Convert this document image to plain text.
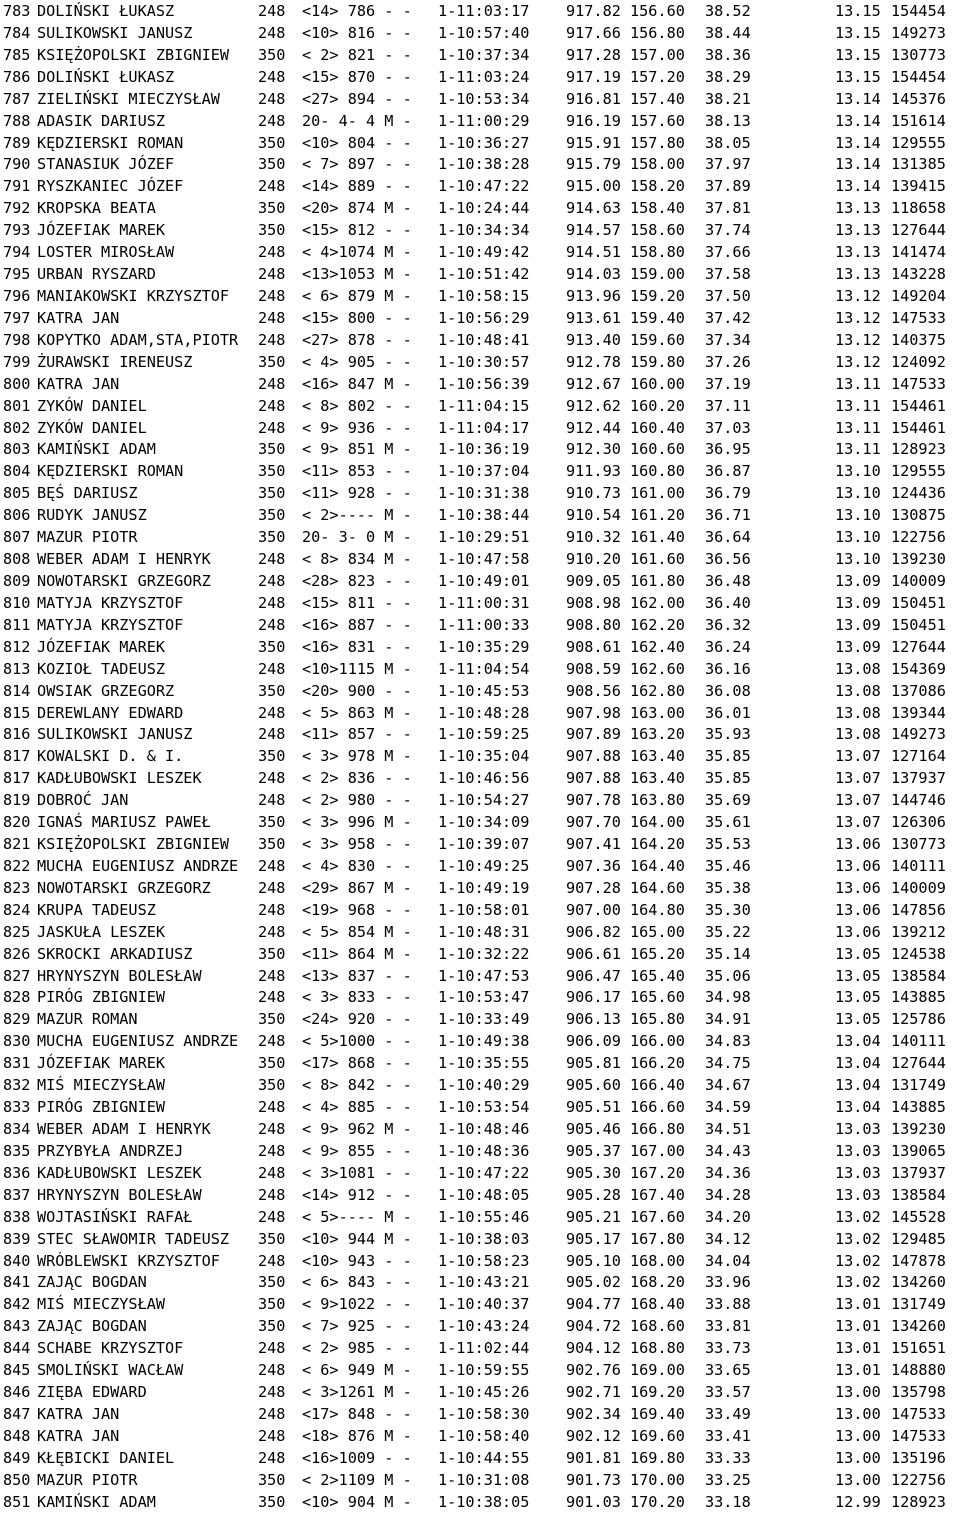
783 DOLIŃSKI ŁUKASZ	248 <14> 786 - - 1-11:03:17 917.82 156.60 38.52	13.15 154454
784 SULIKOWSKI JANUSZ	248 <10> 816 - - 1-10:57:40 917.66 156.80 38.44	13.15 149273
785 KSIĘŻOPOLSKI ZBIGNIEW 350 < 2> 821 - - 1-10:37:34 917.28 157.00 38.36	13.15 130773
786 DOLIŃSKI ŁUKASZ	248 <15> 870 - - 1-11:03:24 917.19 157.20 38.29	13.15 154454
787 ZIELIŃSKI MIECZYSŁAW	248 <27> 894 - - 1-10:53:34 916.81 157.40 38.21	13.14 145376
788 ADASIK DARIUSZ	248 20- 4- 4 M - 1-11:00:29 916.19 157.60 38.13	13.14 151614
789 KĘDZIERSKI ROMAN	350 <10> 804 - - 1-10:36:27 915.91 157.80 38.05	13.14 129555
790 STANASIUK JÓZEF	350 < 7> 897 - - 1-10:38:28 915.79 158.00 37.97	13.14 131385
791 RYSZKANIEC JÓZEF	248 <14> 889 - - 1-10:47:22 915.00 158.20 37.89	13.14 139415
792 KROPSKA BEATA	350 <20> 874 M - 1-10:24:44 914.63 158.40 37.81	13.13 118658
793 JÓZEFIAK MAREK	350 <15> 812 - - 1-10:34:34 914.57 158.60 37.74	13.13 127644
794 LOSTER MIROSŁAW	248 < 4>1074 M - 1-10:49:42 914.51 158.80 37.66	13.13 141474
795 URBAN RYSZARD	248 <13>1053 M - 1-10:51:42 914.03 159.00 37.58	13.13 143228
796 MANIAKOWSKI KRZYSZTOF 248 < 6> 879 M - 1-10:58:15 913.96 159.20 37.50	13.12 149204
797 KATRA JAN	248 <15> 800 - - 1-10:56:29 913.61 159.40 37.42	13.12 147533
798 KOPYTKO ADAM,STA,PIOTR 248 <27> 878 - - 1-10:48:41 913.40 159.60 37.34	13.12 140375
799 ŻURAWSKI IRENEUSZ	350 < 4> 905 - - 1-10:30:57 912.78 159.80 37.26	13.12 124092
800 KATRA JAN	248 <16> 847 M - 1-10:56:39 912.67 160.00 37.19	13.11 147533
801 ZYKÓW DANIEL	248 < 8> 802 - - 1-11:04:15 912.62 160.20 37.11	13.11 154461
802 ZYKÓW DANIEL	248 < 9> 936 - - 1-11:04:17 912.44 160.40 37.03	13.11 154461
803 KAMIŃSKI ADAM	350 < 9> 851 M - 1-10:36:19 912.30 160.60 36.95	13.11 128923
804 KĘDZIERSKI ROMAN	350 <11> 853 - - 1-10:37:04 911.93 160.80 36.87	13.10 129555
805 BĘŚ DARIUSZ	350 <11> 928 - - 1-10:31:38 910.73 161.00 36.79	13.10 124436
806 RUDYK JANUSZ	350 < 2>---- M - 1-10:38:44 910.54 161.20 36.71	13.10 130875
807 MAZUR PIOTR	350 20- 3- 0 M - 1-10:29:51 910.32 161.40 36.64	13.10 122756
808 WEBER ADAM I HENRYK	248 < 8> 834 M - 1-10:47:58 910.20 161.60 36.56	13.10 139230
809 NOWOTARSKI GRZEGORZ	248 <28> 823 - - 1-10:49:01 909.05 161.80 36.48	13.09 140009
810 MATYJA KRZYSZTOF	248 <15> 811 - - 1-11:00:31 908.98 162.00 36.40	13.09 150451
811 MATYJA KRZYSZTOF	248 <16> 887 - - 1-11:00:33 908.80 162.20 36.32	13.09 150451
812 JÓZEFIAK MAREK	350 <16> 831 - - 1-10:35:29 908.61 162.40 36.24	13.09 127644
813 KOZIOŁ TADEUSZ	248 <10>1115 M - 1-11:04:54 908.59 162.60 36.16	13.08 154369
814 OWSIAK GRZEGORZ	350 <20> 900 - - 1-10:45:53 908.56 162.80 36.08	13.08 137086
815 DEREWLANY EDWARD	248 < 5> 863 M - 1-10:48:28 907.98 163.00 36.01	13.08 139344
816 SULIKOWSKI JANUSZ	248 <11> 857 - - 1-10:59:25 907.89 163.20 35.93	13.08 149273
817 KOWALSKI D. & I.	350 < 3> 978 M - 1-10:35:04 907.88 163.40 35.85	13.07 127164
817 KADŁUBOWSKI LESZEK	248 < 2> 836 - - 1-10:46:56 907.88 163.40 35.85	13.07 137937
819 DOBROĆ JAN	248 < 2> 980 - - 1-10:54:27 907.78 163.80 35.69	13.07 144746
820 IGNAŚ MARIUSZ PAWEŁ	350 < 3> 996 M - 1-10:34:09 907.70 164.00 35.61	13.07 126306
821 KSIĘŻOPOLSKI ZBIGNIEW 350 < 3> 958 - - 1-10:39:07 907.41 164.20 35.53	13.06 130773
822 MUCHA EUGENIUSZ ANDRZE 248 < 4> 830 - - 1-10:49:25 907.36 164.40 35.46	13.06 140111
823 NOWOTARSKI GRZEGORZ	248 <29> 867 M - 1-10:49:19 907.28 164.60 35.38	13.06 140009
824 KRUPA TADEUSZ	248 <19> 968 - - 1-10:58:01 907.00 164.80 35.30	13.06 147856
825 JASKUŁA LESZEK	248 < 5> 854 M - 1-10:48:31 906.82 165.00 35.22	13.06 139212
826 SKROCKI ARKADIUSZ	350 <11> 864 M - 1-10:32:22 906.61 165.20 35.14	13.05 124538
827 HRYNYSZYN BOLESŁAW	248 <13> 837 - - 1-10:47:53 906.47 165.40 35.06	13.05 138584
828 PIRÓG ZBIGNIEW	248 < 3> 833 - - 1-10:53:47 906.17 165.60 34.98	13.05 143885
829 MAZUR ROMAN	350 <24> 920 - - 1-10:33:49 906.13 165.80 34.91	13.05 125786
830 MUCHA EUGENIUSZ ANDRZE 248 < 5>1000 - - 1-10:49:38 906.09 166.00 34.83	13.04 140111
831 JÓZEFIAK MAREK	350 <17> 868 - - 1-10:35:55 905.81 166.20 34.75	13.04 127644
832 MIŚ MIECZYSŁAW	350 < 8> 842 - - 1-10:40:29 905.60 166.40 34.67	13.04 131749
833 PIRÓG ZBIGNIEW	248 < 4> 885 - - 1-10:53:54 905.51 166.60 34.59	13.04 143885
834 WEBER ADAM I HENRYK	248 < 9> 962 M - 1-10:48:46 905.46 166.80 34.51	13.03 139230
835 PRZYBYŁA ANDRZEJ	248 < 9> 855 - - 1-10:48:36 905.37 167.00 34.43	13.03 139065
836 KADŁUBOWSKI LESZEK	248 < 3>1081 - - 1-10:47:22 905.30 167.20 34.36	13.03 137937
837 HRYNYSZYN BOLESŁAW	248 <14> 912 - - 1-10:48:05 905.28 167.40 34.28	13.03 138584
838 WOJTASIŃSKI RAFAŁ	248 < 5>---- M - 1-10:55:46 905.21 167.60 34.20	13.02 145528
839 STEC SŁAWOMIR TADEUSZ 350 <10> 944 M - 1-10:38:03 905.17 167.80 34.12	13.02 129485
840 WRÓBLEWSKI KRZYSZTOF	248 <10> 943 - - 1-10:58:23 905.10 168.00 34.04	13.02 147878
841 ZAJĄC BOGDAN	350 < 6> 843 - - 1-10:43:21 905.02 168.20 33.96	13.02 134260
842 MIŚ MIECZYSŁAW	350 < 9>1022 - - 1-10:40:37 904.77 168.40 33.88	13.01 131749
843 ZAJĄC BOGDAN	350 < 7> 925 - - 1-10:43:24 904.72 168.60 33.81	13.01 134260
844 SCHABE KRZYSZTOF	248 < 2> 985 - - 1-11:02:44 904.12 168.80 33.73	13.01 151651
845 SMOLIŃSKI WACŁAW	248 < 6> 949 M - 1-10:59:55 902.76 169.00 33.65	13.01 148880
846 ZIĘBA EDWARD	248 < 3>1261 M - 1-10:45:26 902.71 169.20 33.57	13.00 135798
847 KATRA JAN	248 <17> 848 - - 1-10:58:30 902.34 169.40 33.49	13.00 147533
848 KATRA JAN	248 <18> 876 M - 1-10:58:40 902.12 169.60 33.41	13.00 147533
849 KŁĘBICKI DANIEL	248 <16>1009 - - 1-10:44:55 901.81 169.80 33.33	13.00 135196
850 MAZUR PIOTR	350 < 2>1109 M - 1-10:31:08 901.73 170.00 33.25	13.00 122756
851 KAMIŃSKI ADAM	350 <10> 904 M - 1-10:38:05 901.03 170.20 33.18	12.99 128923
